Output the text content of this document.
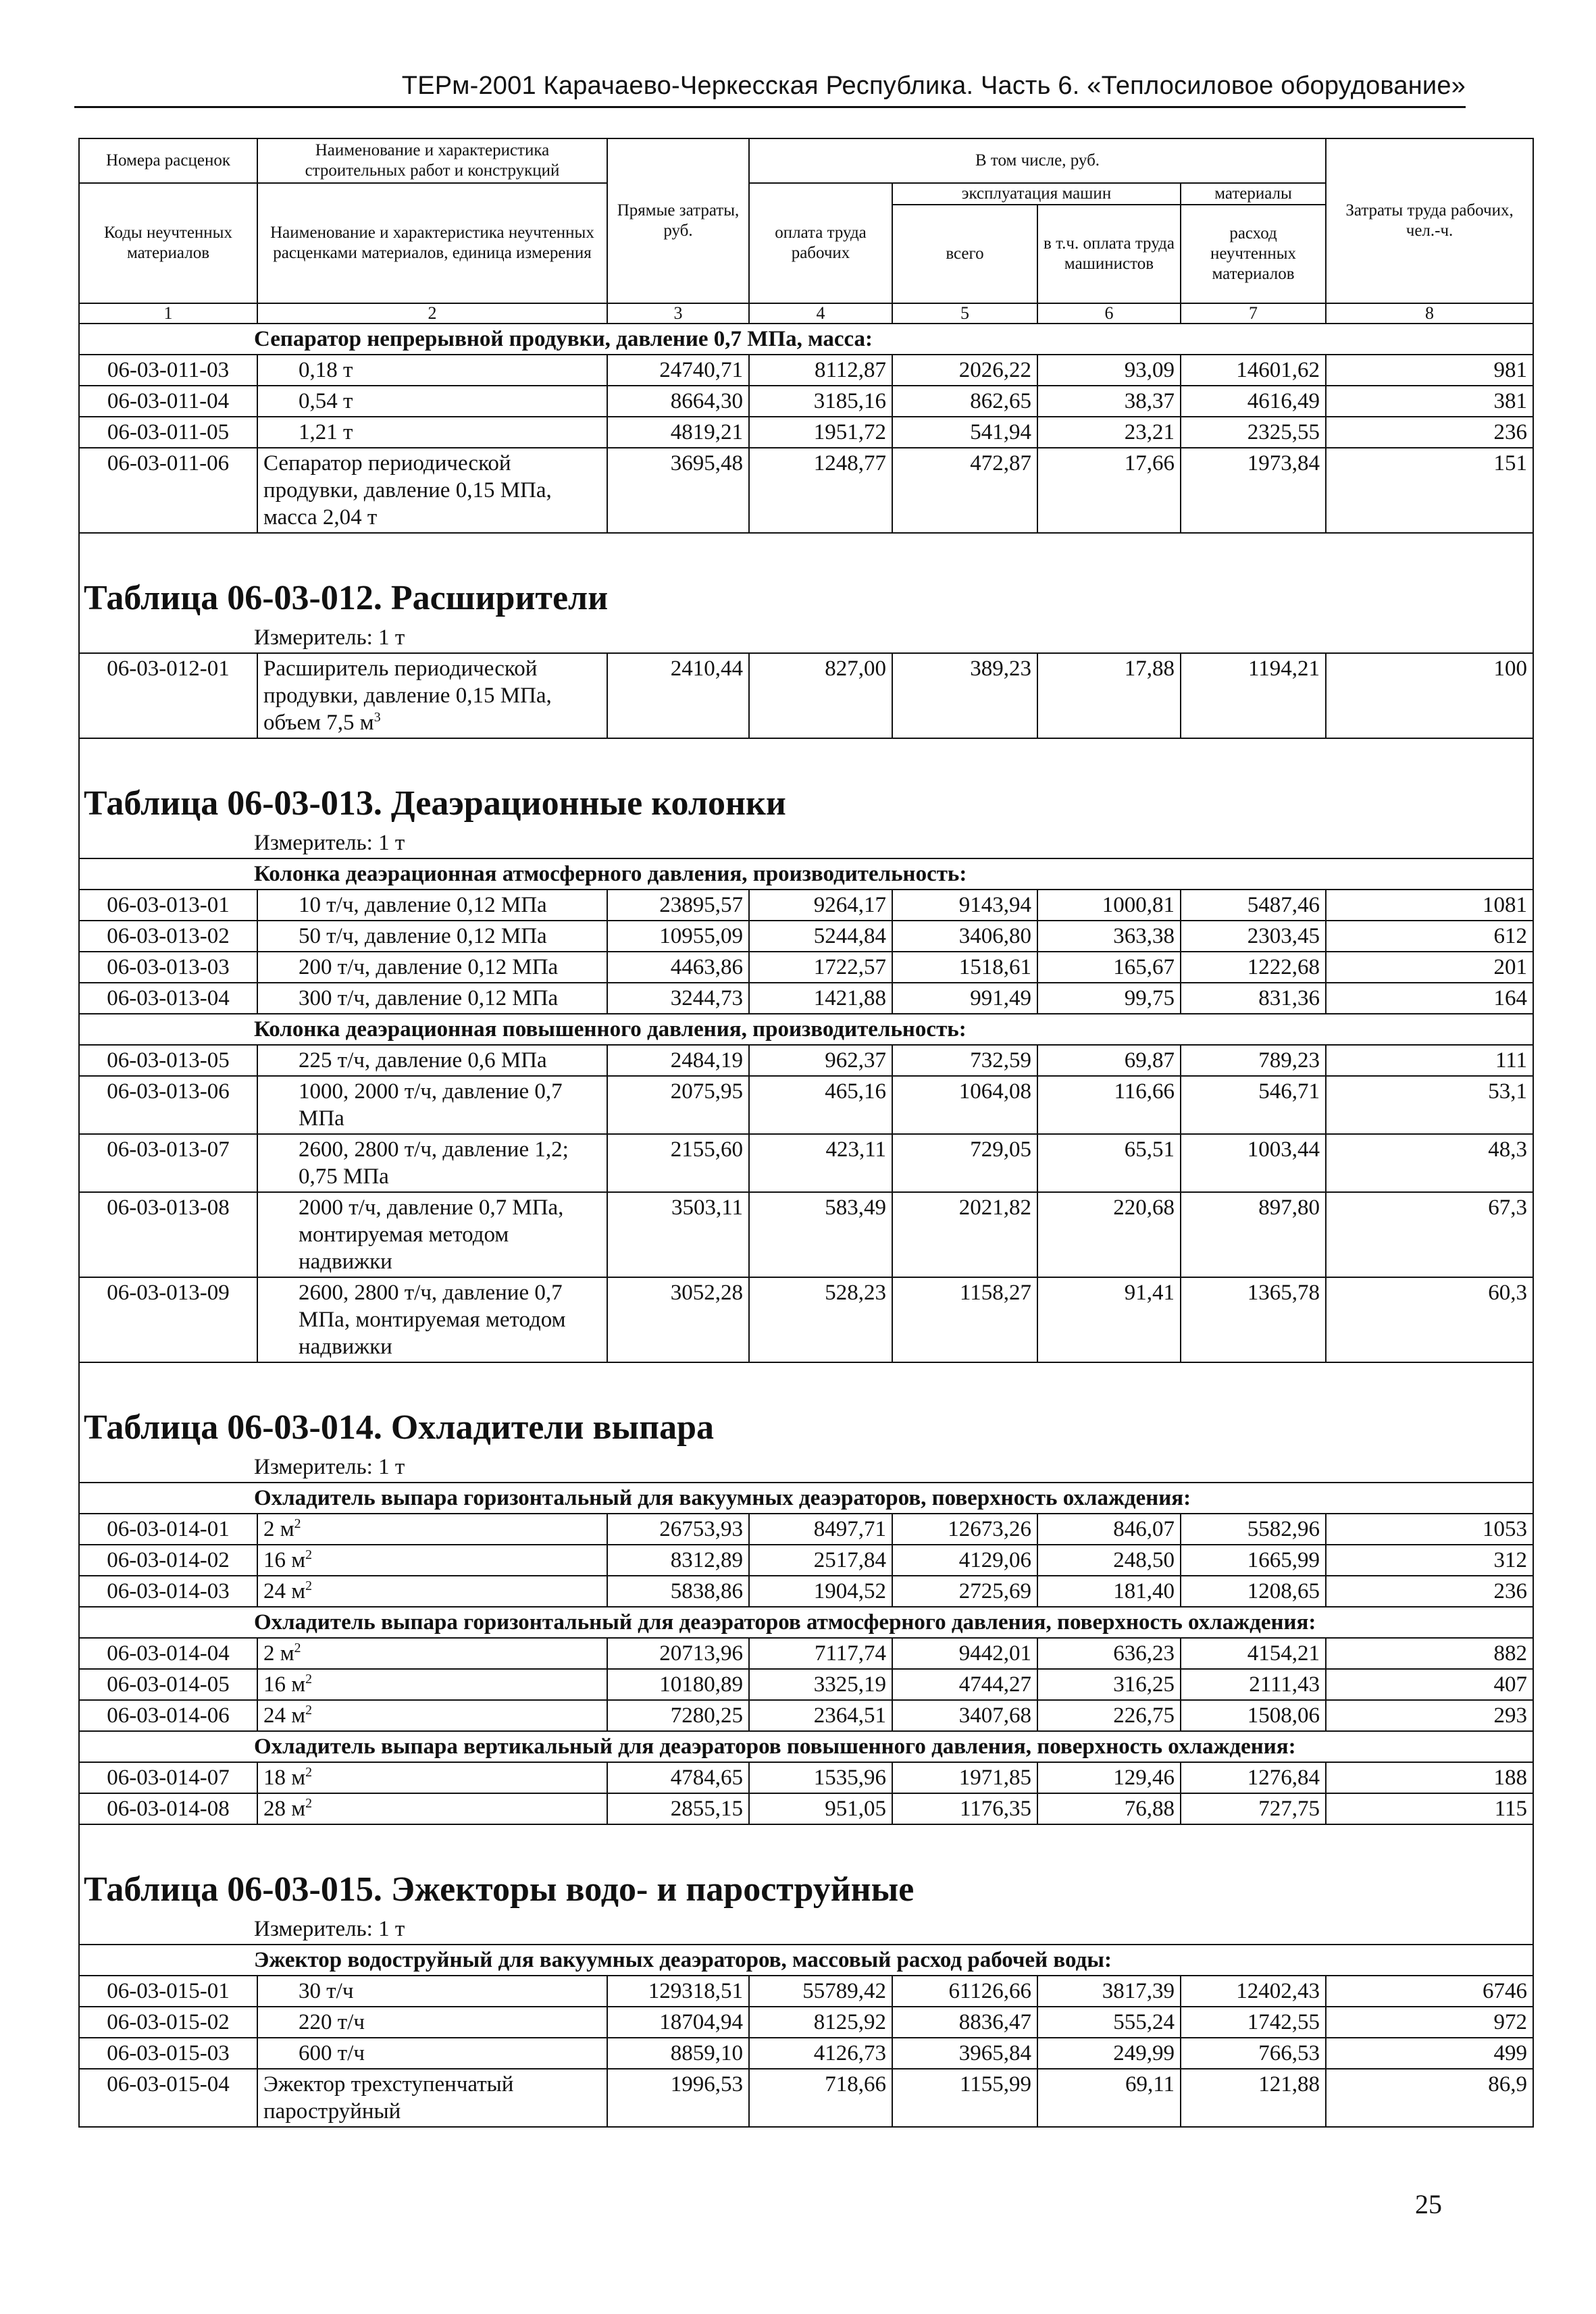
ТЕРм-2001 Карачаево-Черкесская Республика. Часть 6. «Теплосиловое оборудование»
Номера расценок	Наименование и характеристика строительных работ и конструкций	Прямые затраты, руб.	В том числе, руб.				Затраты труда рабочих, чел.-ч.
Коды неучтенных материалов	Наименование и характеристика неучтенных расценками материалов, единица измерения		оплата труда рабочих	эксплуатация машин		материалы	
				всего	в т.ч. оплата труда машинистов	расход неучтенных материалов	
1	2	3	4	5	6	7	8
Сепаратор непрерывной продувки, давление 0,7 МПа, масса:							
06-03-011-03	0,18 т	24740,71	8112,87	2026,22	93,09	14601,62	981
06-03-011-04	0,54 т	8664,30	3185,16	862,65	38,37	4616,49	381
06-03-011-05	1,21 т	4819,21	1951,72	541,94	23,21	2325,55	236
06-03-011-06	Сепаратор периодической продувки, давление 0,15 МПа, масса 2,04 т	3695,48	1248,77	472,87	17,66	1973,84	151

Таблица 06-03-012. Расширители							
Измеритель: 1 т							
06-03-012-01	Расширитель периодической продувки, давление 0,15 МПа, объем 7,5 $м^3$	2410,44	827,00	389,23	17,88	1194,21	100

Таблица 06-03-013. Деаэрационные колонки							
Измеритель: 1 т							
Колонка деаэрационная атмосферного давления, производительность:							
06-03-013-01	10 т/ч, давление 0,12 МПа	23895,57	9264,17	9143,94	1000,81	5487,46	1081
06-03-013-02	50 т/ч, давление 0,12 МПа	10955,09	5244,84	3406,80	363,38	2303,45	612
06-03-013-03	200 т/ч, давление 0,12 МПа	4463,86	1722,57	1518,61	165,67	1222,68	201
06-03-013-04	300 т/ч, давление 0,12 МПа	3244,73	1421,88	991,49	99,75	831,36	164
Колонка деаэрационная повышенного давления, производительность:							
06-03-013-05	225 т/ч, давление 0,6 МПа	2484,19	962,37	732,59	69,87	789,23	111
06-03-013-06	1000, 2000 т/ч, давление 0,7 МПа	2075,95	465,16	1064,08	116,66	546,71	53,1
06-03-013-07	2600, 2800 т/ч, давление 1,2; 0,75 МПа	2155,60	423,11	729,05	65,51	1003,44	48,3
06-03-013-08	2000 т/ч, давление 0,7 МПа, монтируемая методом надвижки	3503,11	583,49	2021,82	220,68	897,80	67,3
06-03-013-09	2600, 2800 т/ч, давление 0,7 МПа, монтируемая методом надвижки	3052,28	528,23	1158,27	91,41	1365,78	60,3

Таблица 06-03-014. Охладители выпара							
Измеритель: 1 т							
Охладитель выпара горизонтальный для вакуумных деаэраторов, поверхность охлаждения:							
06-03-014-01	2 $м^2$	26753,93	8497,71	12673,26	846,07	5582,96	1053
06-03-014-02	16 $м^2$	8312,89	2517,84	4129,06	248,50	1665,99	312
06-03-014-03	24 $м^2$	5838,86	1904,52	2725,69	181,40	1208,65	236
Охладитель выпара горизонтальный для деаэраторов атмосферного давления, поверхность охлаждения:							
06-03-014-04	2 $м^2$	20713,96	7117,74	9442,01	636,23	4154,21	882
06-03-014-05	16 $м^2$	10180,89	3325,19	4744,27	316,25	2111,43	407
06-03-014-06	24 $м^2$	7280,25	2364,51	3407,68	226,75	1508,06	293
Охладитель выпара вертикальный для деаэраторов повышенного давления, поверхность охлаждения:							
06-03-014-07	18 $м^2$	4784,65	1535,96	1971,85	129,46	1276,84	188
06-03-014-08	28 $м^2$	2855,15	951,05	1176,35	76,88	727,75	115

Таблица 06-03-015. Эжекторы водо- и пароструйные							
Измеритель: 1 т							
Эжектор водоструйный для вакуумных деаэраторов, массовый расход рабочей воды:							
06-03-015-01	30 т/ч	129318,51	55789,42	61126,66	3817,39	12402,43	6746
06-03-015-02	220 т/ч	18704,94	8125,92	8836,47	555,24	1742,55	972
06-03-015-03	600 т/ч	8859,10	4126,73	3965,84	249,99	766,53	499
06-03-015-04	Эжектор трехступенчатый пароструйный	1996,53	718,66	1155,99	69,11	121,88	86,9

25
